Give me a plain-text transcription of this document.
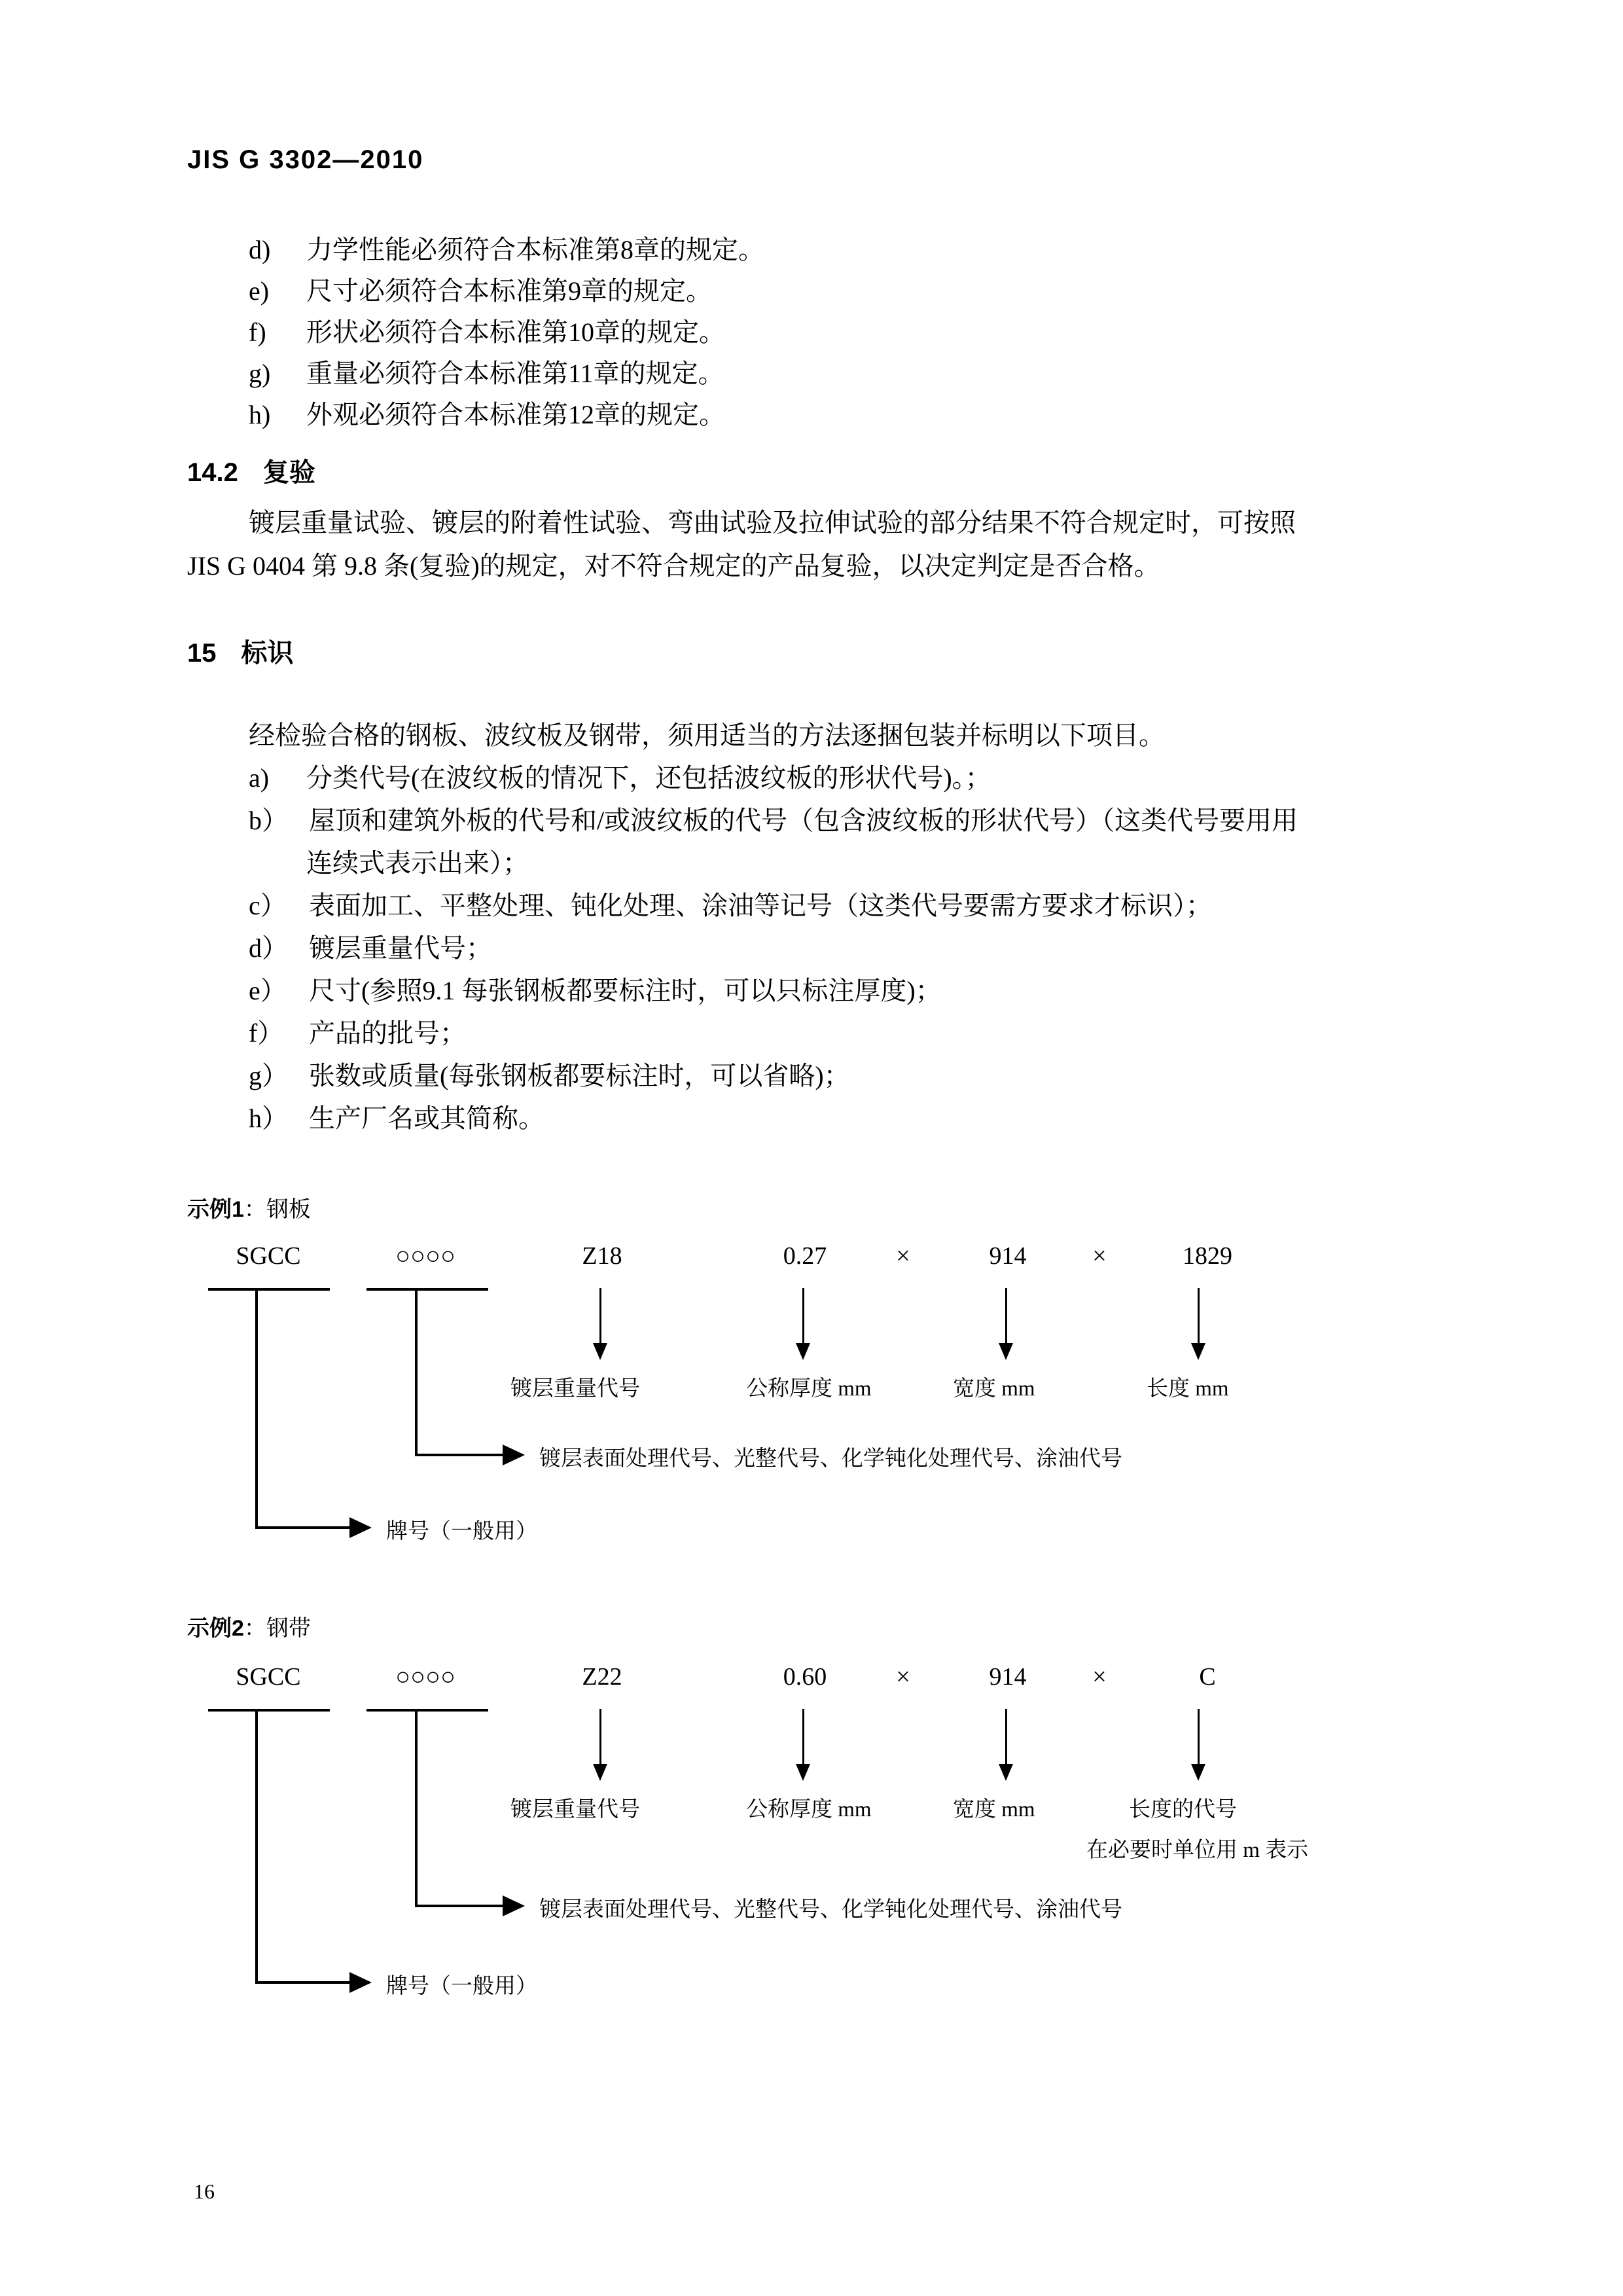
JIS G 3302—2010
d) 力学性能必须符合本标准第8章的规定。
e) 尺寸必须符合本标准第9章的规定。
f) 形状必须符合本标准第10章的规定。
g) 重量必须符合本标准第11章的规定。
h) 外观必须符合本标准第12章的规定。
14.2 复验
镀层重量试验、镀层的附着性试验、弯曲试验及拉伸试验的部分结果不符合规定时，可按照
JIS G 0404 第 9.8 条(复验)的规定，对不符合规定的产品复验，以决定判定是否合格。
15 标识
经检验合格的钢板、波纹板及钢带，须用适当的方法逐捆包装并标明以下项目。
a) 分类代号(在波纹板的情况下，还包括波纹板的形状代号)。；
b） 屋顶和建筑外板的代号和/或波纹板的代号（包含波纹板的形状代号）（这类代号要用用
连续式表示出来）；
c） 表面加工、平整处理、钝化处理、涂油等记号（这类代号要需方要求才标识）；
d） 镀层重量代号；
e） 尺寸(参照9.1 每张钢板都要标注时，可以只标注厚度)；
f） 产品的批号；
g） 张数或质量(每张钢板都要标注时，可以省略)；
h） 生产厂名或其简称。
示例1：钢板
SGCC	○○○○	Z18	0.27	×	914	×	1829
牌号（一般用）
镀层表面处理代号、光整代号、化学钝化处理代号、涂油代号
镀层重量代号	公称厚度 mm	宽度 mm	长度 mm
示例2：钢带
SGCC	○○○○	Z22	0.60	×	914	×	C
牌号（一般用）
镀层表面处理代号、光整代号、化学钝化处理代号、涂油代号
镀层重量代号	公称厚度 mm	宽度 mm	长度的代号
在必要时单位用 m 表示
16
